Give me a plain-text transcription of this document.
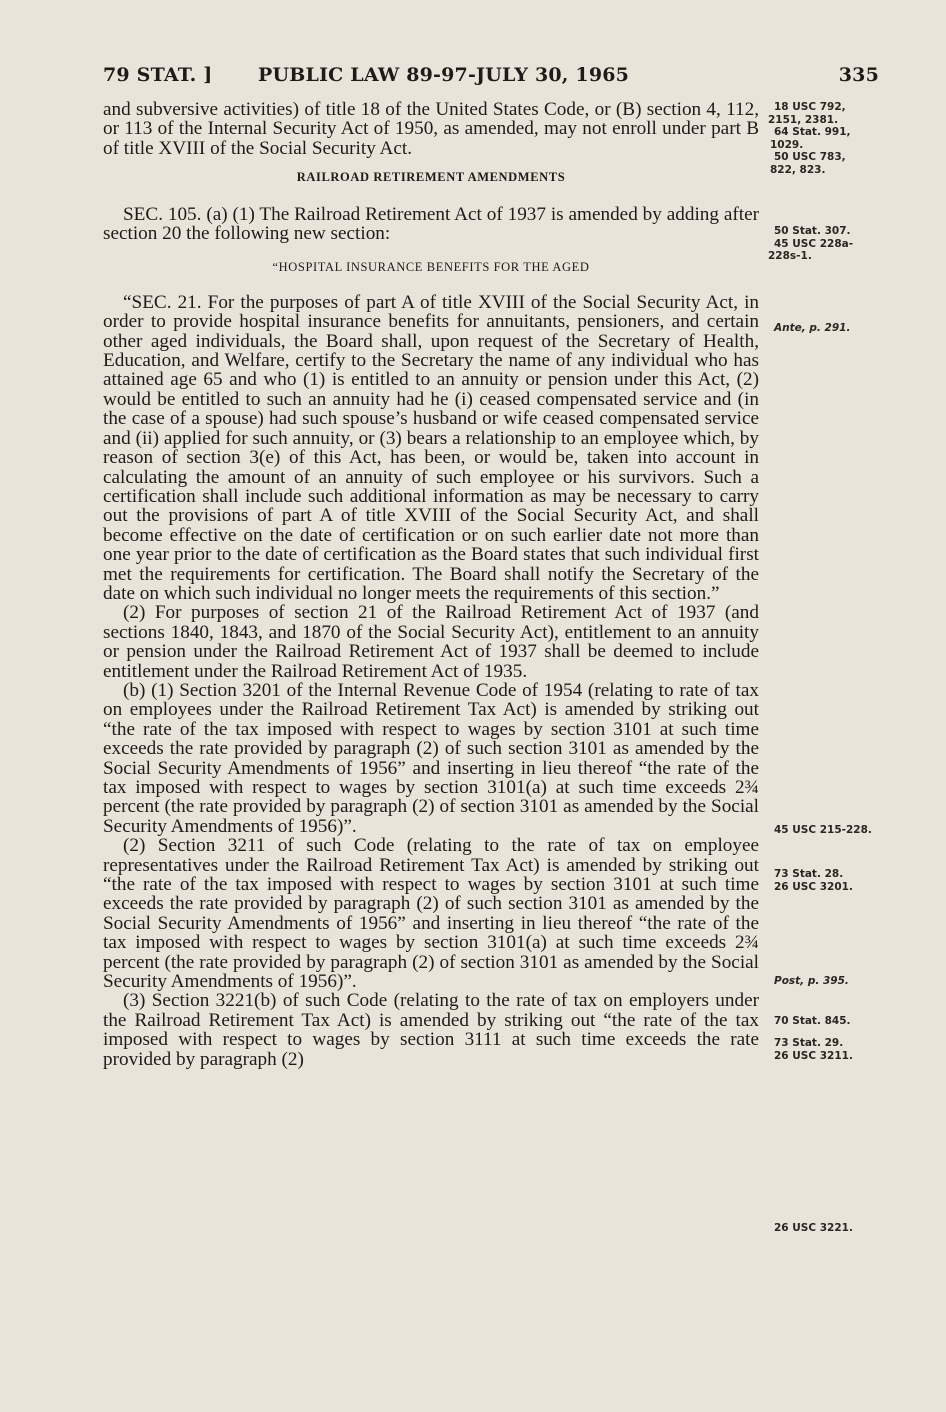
79 STAT. ] PUBLIC LAW 89-97-JULY 30, 1965	335

and subversive activities) of title 18 of the United States Code, or (B) section 4, 112, or 113 of the Internal Security Act of 1950, as amended, may not enroll under part B of title XVIII of the Social Security Act.

RAILROAD RETIREMENT AMENDMENTS

SEC. 105. (a) (1) The Railroad Retirement Act of 1937 is amended by adding after section 20 the following new section:

“HOSPITAL INSURANCE BENEFITS FOR THE AGED

“SEC. 21. For the purposes of part A of title XVIII of the Social Security Act, in order to provide hospital insurance benefits for annuitants, pensioners, and certain other aged individuals, the Board shall, upon request of the Secretary of Health, Education, and Welfare, certify to the Secretary the name of any individual who has attained age 65 and who (1) is entitled to an annuity or pension under this Act, (2) would be entitled to such an annuity had he (i) ceased compensated service and (in the case of a spouse) had such spouse’s husband or wife ceased compensated service and (ii) applied for such annuity, or (3) bears a relationship to an employee which, by reason of section 3(e) of this Act, has been, or would be, taken into account in calculating the amount of an annuity of such employee or his survivors. Such a certification shall include such additional information as may be necessary to carry out the provisions of part A of title XVIII of the Social Security Act, and shall become effective on the date of certification or on such earlier date not more than one year prior to the date of certification as the Board states that such individual first met the requirements for certification. The Board shall notify the Secretary of the date on which such individual no longer meets the requirements of this section.”

(2) For purposes of section 21 of the Railroad Retirement Act of 1937 (and sections 1840, 1843, and 1870 of the Social Security Act), entitlement to an annuity or pension under the Railroad Retirement Act of 1937 shall be deemed to include entitlement under the Railroad Retirement Act of 1935.

(b) (1) Section 3201 of the Internal Revenue Code of 1954 (relating to rate of tax on employees under the Railroad Retirement Tax Act) is amended by striking out “the rate of the tax imposed with respect to wages by section 3101 at such time exceeds the rate provided by paragraph (2) of such section 3101 as amended by the Social Security Amendments of 1956” and inserting in lieu thereof “the rate of the tax imposed with respect to wages by section 3101(a) at such time exceeds 2¾ percent (the rate provided by paragraph (2) of section 3101 as amended by the Social Security Amendments of 1956)”.

(2) Section 3211 of such Code (relating to the rate of tax on employee representatives under the Railroad Retirement Tax Act) is amended by striking out “the rate of the tax imposed with respect to wages by section 3101 at such time exceeds the rate provided by paragraph (2) of such section 3101 as amended by the Social Security Amendments of 1956” and inserting in lieu thereof “the rate of the tax imposed with respect to wages by section 3101(a) at such time exceeds 2¾ percent (the rate provided by paragraph (2) of section 3101 as amended by the Social Security Amendments of 1956)”.

(3) Section 3221(b) of such Code (relating to the rate of tax on employers under the Railroad Retirement Tax Act) is amended by striking out “the rate of the tax imposed with respect to wages by section 3111 at such time exceeds the rate provided by paragraph (2)

18 USC 792,
2151, 2381.
64 Stat. 991,
1029.
50 USC 783,
822, 823.
50 Stat. 307.
45 USC 228a-
228s-1.
Ante, p. 291.
45 USC 215-228.
73 Stat. 28.
26 USC 3201.
Post, p. 395.
70 Stat. 845.
73 Stat. 29.
26 USC 3211.
26 USC 3221.
